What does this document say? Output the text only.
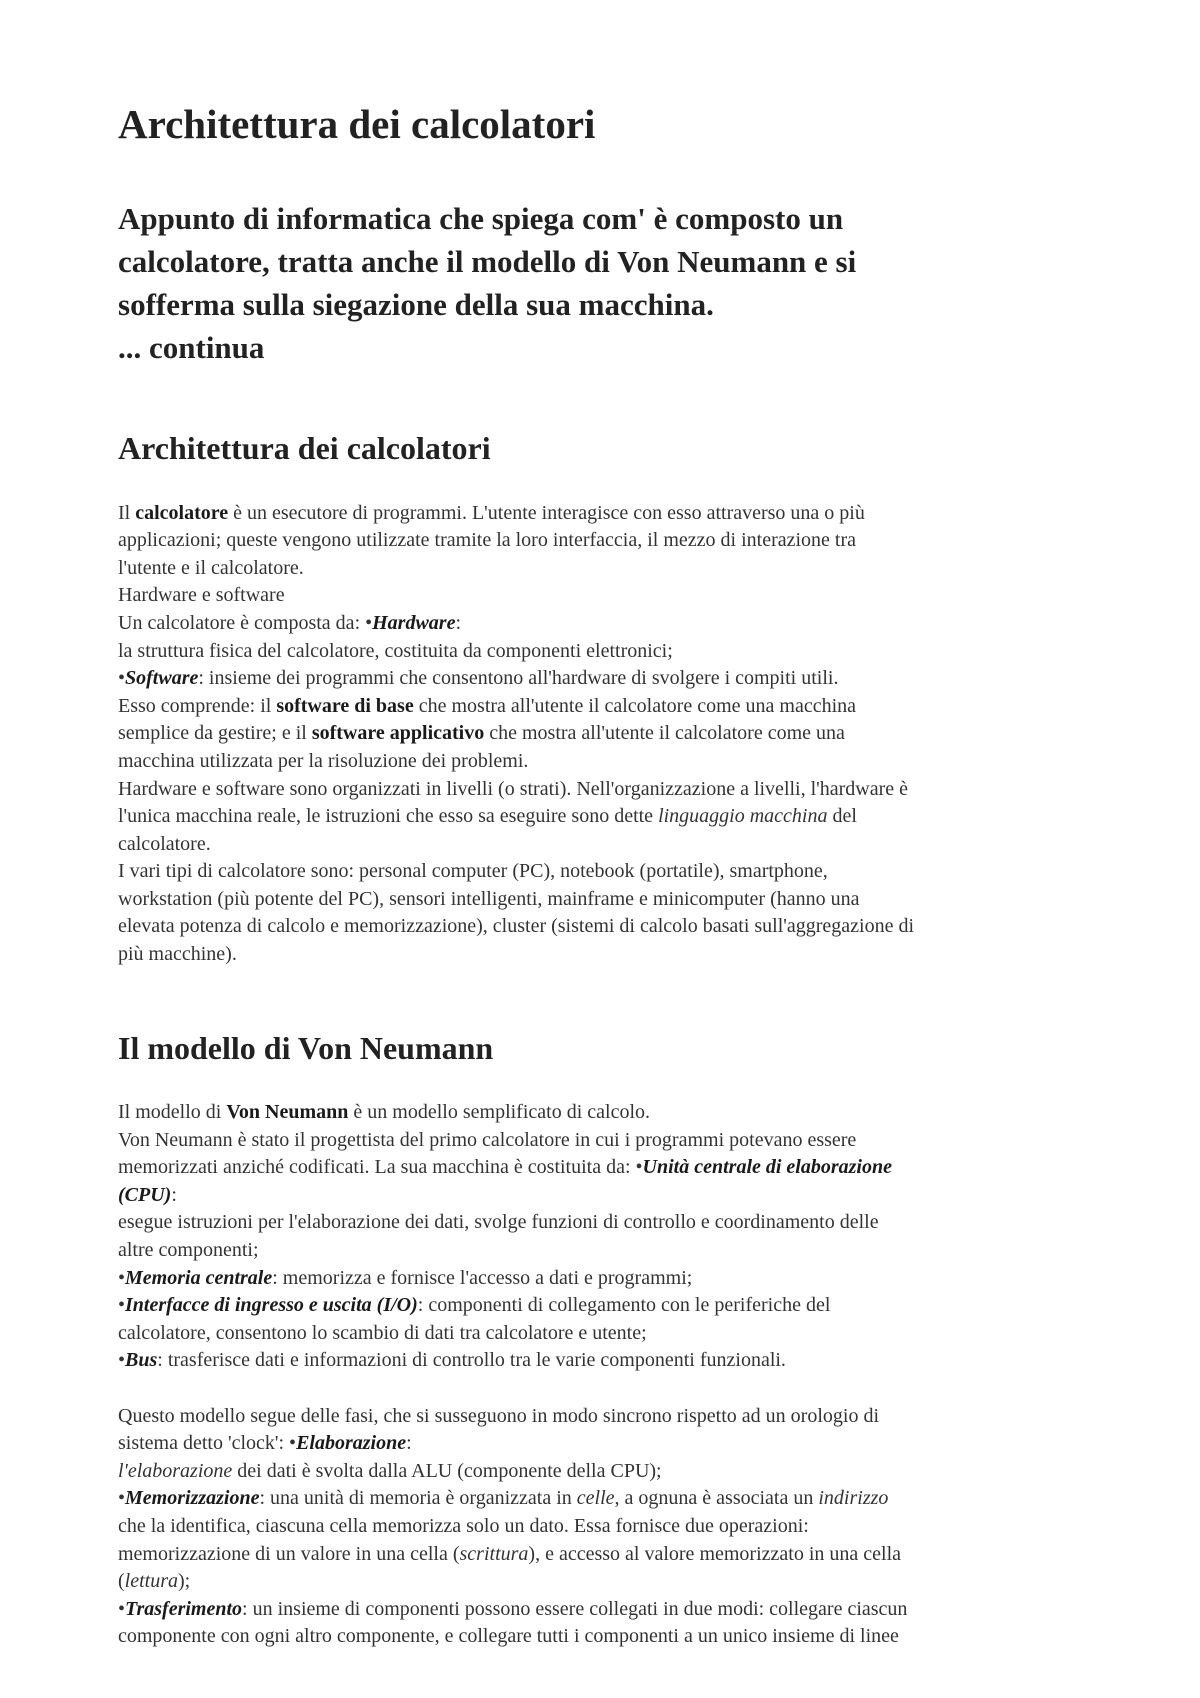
Architettura dei calcolatori
Appunto di informatica che spiega com' è composto un
calcolatore, tratta anche il modello di Von Neumann e si
sofferma sulla siegazione della sua macchina.
... continua
Architettura dei calcolatori
Il calcolatore è un esecutore di programmi. L'utente interagisce con esso attraverso una o più
applicazioni; queste vengono utilizzate tramite la loro interfaccia, il mezzo di interazione tra
l'utente e il calcolatore.
Hardware e software
Un calcolatore è composta da: •Hardware:
la struttura fisica del calcolatore, costituita da componenti elettronici;
•Software: insieme dei programmi che consentono all'hardware di svolgere i compiti utili.
Esso comprende: il software di base che mostra all'utente il calcolatore come una macchina
semplice da gestire; e il software applicativo che mostra all'utente il calcolatore come una
macchina utilizzata per la risoluzione dei problemi.
Hardware e software sono organizzati in livelli (o strati). Nell'organizzazione a livelli, l'hardware è
l'unica macchina reale, le istruzioni che esso sa eseguire sono dette linguaggio macchina del
calcolatore.
I vari tipi di calcolatore sono: personal computer (PC), notebook (portatile), smartphone,
workstation (più potente del PC), sensori intelligenti, mainframe e minicomputer (hanno una
elevata potenza di calcolo e memorizzazione), cluster (sistemi di calcolo basati sull'aggregazione di
più macchine).
Il modello di Von Neumann
Il modello di Von Neumann è un modello semplificato di calcolo.
Von Neumann è stato il progettista del primo calcolatore in cui i programmi potevano essere
memorizzati anziché codificati. La sua macchina è costituita da: •Unità centrale di elaborazione
(CPU):
esegue istruzioni per l'elaborazione dei dati, svolge funzioni di controllo e coordinamento delle
altre componenti;
•Memoria centrale: memorizza e fornisce l'accesso a dati e programmi;
•Interfacce di ingresso e uscita (I/O): componenti di collegamento con le periferiche del
calcolatore, consentono lo scambio di dati tra calcolatore e utente;
•Bus: trasferisce dati e informazioni di controllo tra le varie componenti funzionali.
Questo modello segue delle fasi, che si susseguono in modo sincrono rispetto ad un orologio di
sistema detto 'clock': •Elaborazione:
l'elaborazione dei dati è svolta dalla ALU (componente della CPU);
•Memorizzazione: una unità di memoria è organizzata in celle, a ognuna è associata un indirizzo
che la identifica, ciascuna cella memorizza solo un dato. Essa fornisce due operazioni:
memorizzazione di un valore in una cella (scrittura), e accesso al valore memorizzato in una cella
(lettura);
•Trasferimento: un insieme di componenti possono essere collegati in due modi: collegare ciascun
componente con ogni altro componente, e collegare tutti i componenti a un unico insieme di linee
